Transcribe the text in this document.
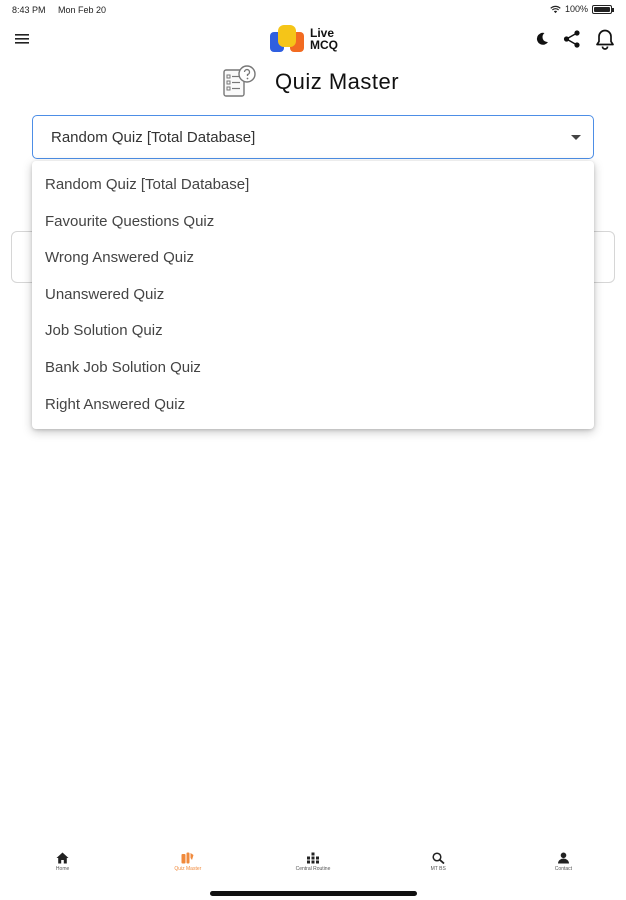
8:43 PM Mon Feb 20	100%
Live
MCQ
Quiz Master
Random Quiz [Total Database]
Random Quiz [Total Database]
Favourite Questions Quiz
Wrong Answered Quiz
Unanswered Quiz
Job Solution Quiz
Bank Job Solution Quiz
Right Answered Quiz
Home	Quiz Master	Central Routine	MT BS	Contact
